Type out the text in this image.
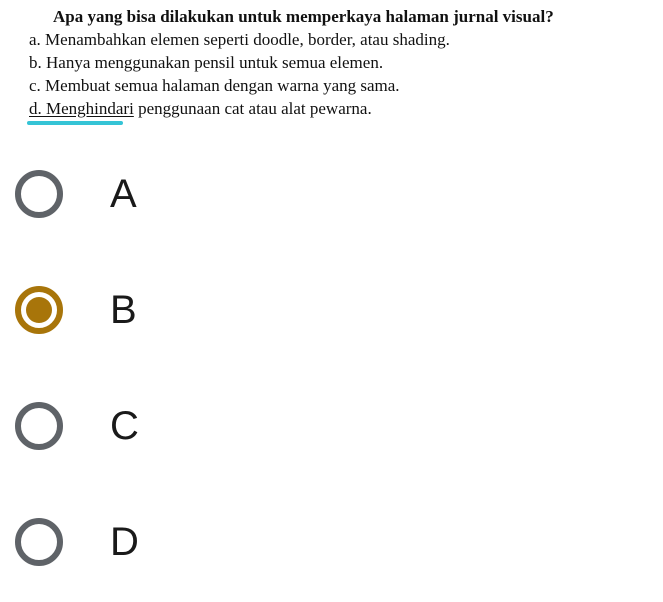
Apa yang bisa dilakukan untuk memperkaya halaman jurnal visual?
a. Menambahkan elemen seperti doodle, border, atau shading.
b. Hanya menggunakan pensil untuk semua elemen.
c. Membuat semua halaman dengan warna yang sama.
d. Menghindari penggunaan cat atau alat pewarna.
A
B
C
D
